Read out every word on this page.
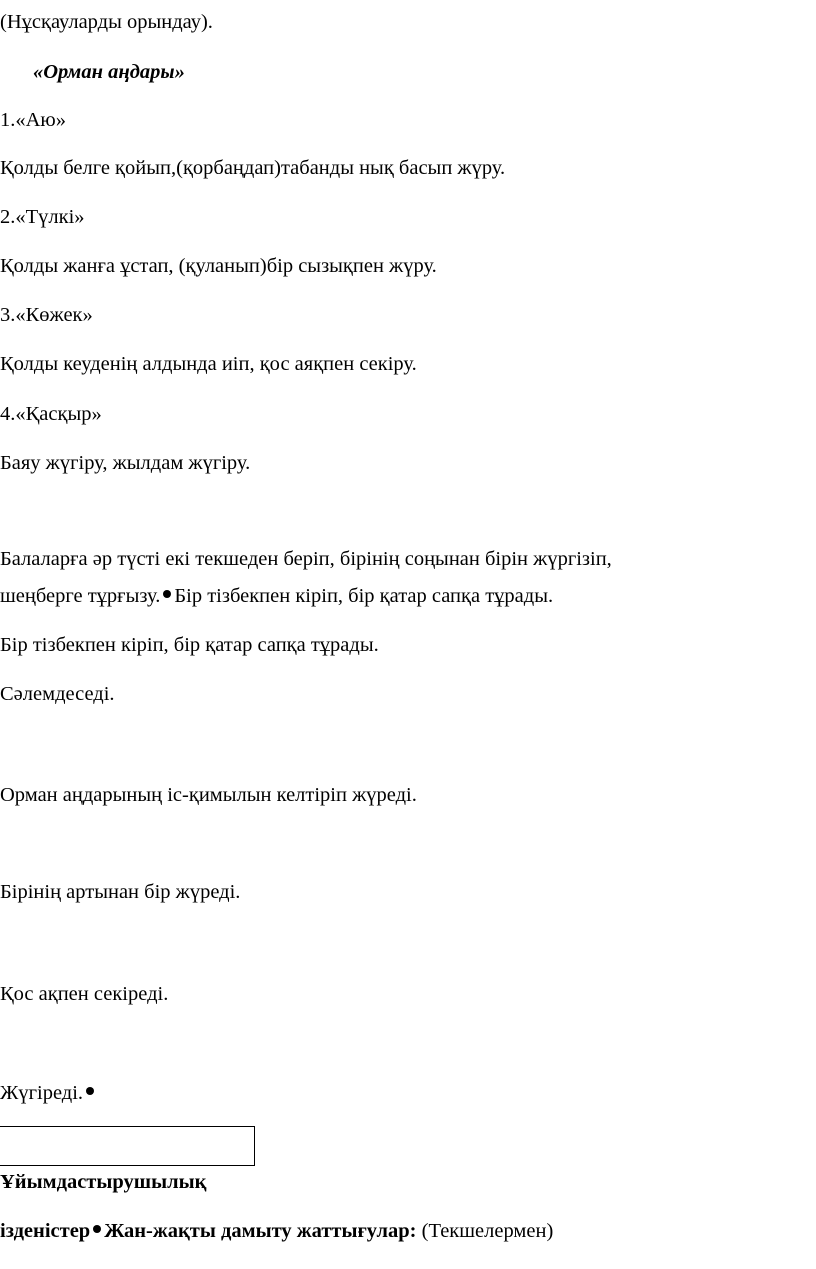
(Нұсқауларды орындау).
«Орман аңдары»
1.«Аю»
Қолды белге қойып,(қорбаңдап)табанды нық басып жүру.
2.«Түлкі»
Қолды жанға ұстап, (қуланып)бір сызықпен жүру.
3.«Көжек»
Қолды кеуденің алдында иіп, қос аяқпен секіру.
4.«Қасқыр»
Баяу жүгіру, жылдам жүгіру.
Балаларға әр түсті екі текшеден беріп, бірінің соңынан бірін жүргізіп,
шеңберге тұрғызу. Бір тізбекпен кіріп, бір қатар сапқа тұрады.
Бір тізбекпен кіріп, бір қатар сапқа тұрады.
Сәлемдеседі.
Орман аңдарының іс-қимылын келтіріп жүреді.
Бірінің артынан бір жүреді.
Қос ақпен секіреді.
Жүгіреді.
Ұйымдастырушылық
ізденістер Жан-жақты дамыту жаттығулар: (Текшелермен)
